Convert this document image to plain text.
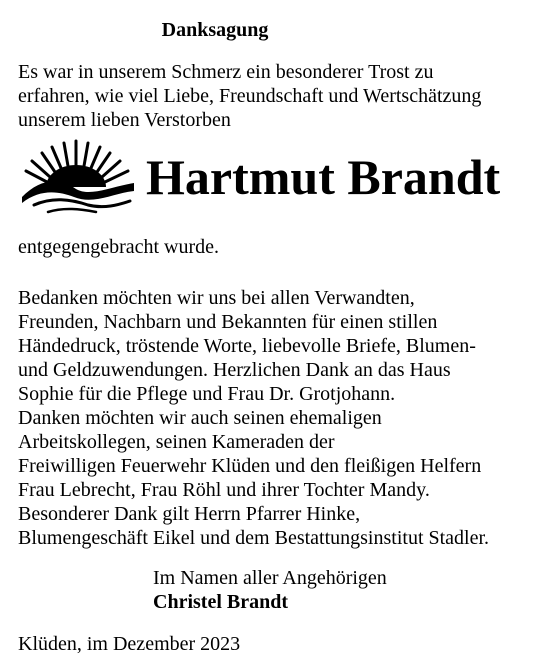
Danksagung
Es war in unserem Schmerz ein besonderer Trost zu
erfahren, wie viel Liebe, Freundschaft und Wertschätzung
unserem lieben Verstorben
Hartmut Brandt
entgegengebracht wurde.
Bedanken möchten wir uns bei allen Verwandten,
Freunden, Nachbarn und Bekannten für einen stillen
Händedruck, tröstende Worte, liebevolle Briefe, Blumen-
und Geldzuwendungen. Herzlichen Dank an das Haus
Sophie für die Pflege und Frau Dr. Grotjohann.
Danken möchten wir auch seinen ehemaligen
Arbeitskollegen, seinen Kameraden der
Freiwilligen Feuerwehr Klüden und den fleißigen Helfern
Frau Lebrecht, Frau Röhl und ihrer Tochter Mandy.
Besonderer Dank gilt Herrn Pfarrer Hinke,
Blumengeschäft Eikel und dem Bestattungsinstitut Stadler.
Im Namen aller Angehörigen
Christel Brandt
Klüden, im Dezember 2023
